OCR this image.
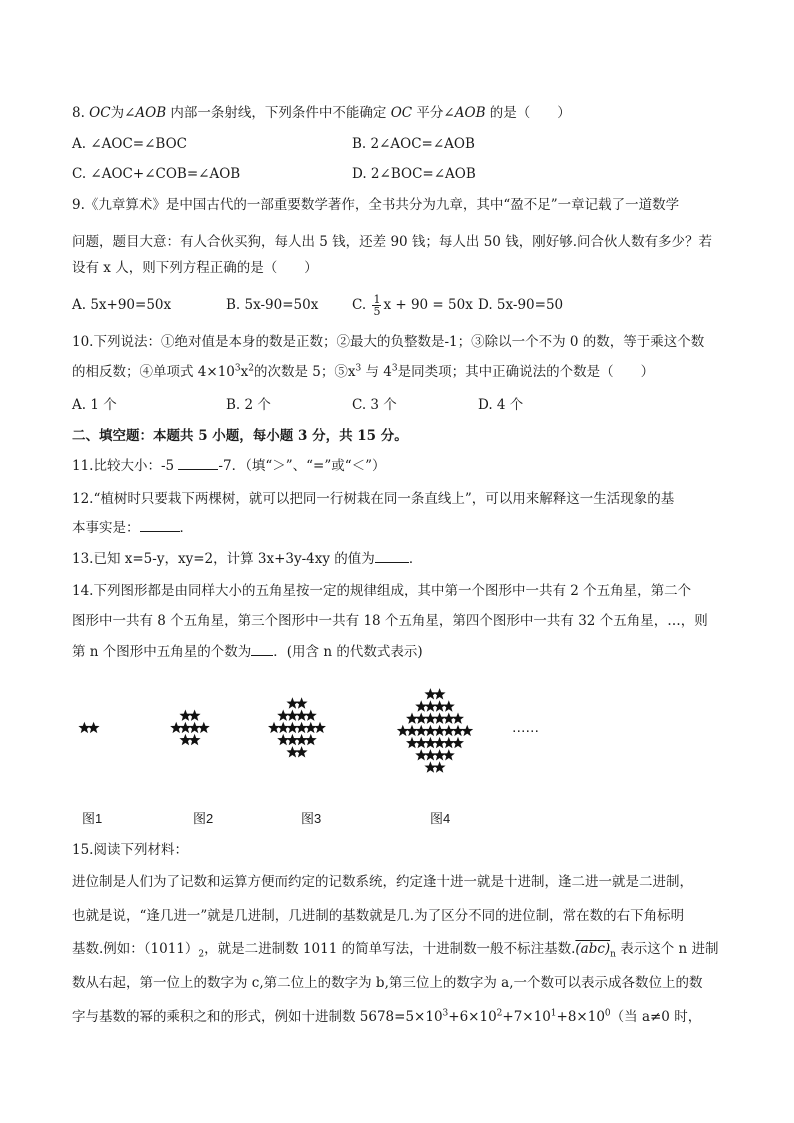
8. OC为∠AOB 内部一条射线，下列条件中不能确定 OC 平分∠AOB 的是（　　）
A. ∠AOC=∠BOC	B. 2∠AOC=∠AOB
C. ∠AOC+∠COB=∠AOB	D. 2∠BOC=∠AOB
9.《九章算术》是中国古代的一部重要数学著作，全书共分为九章，其中“盈不足”一章记载了一道数学
问题，题目大意：有人合伙买狗，每人出 5 钱，还差 90 钱；每人出 50 钱，刚好够.问合伙人数有多少？若
设有 x 人，则下列方程正确的是（　　）
A. 5x+90=50x	B. 5x-90=50x C. $\frac{1}{5}$ x + 90 = 50x D. 5x-90=50
10.下列说法：①绝对值是本身的数是正数；②最大的负整数是-1；③除以一个不为 0 的数，等于乘这个数
的相反数；④单项式 $4\times 10^3x^2$的次数是 5；$⑤x^3$ 与 $4^3$是同类项；其中正确说法的个数是（　　）
A. 1 个	B. 2 个	C. 3 个	D. 4 个
二、填空题：本题共 5 小题，每小题 3 分，共 15 分。
11.比较大小：-5	-7．（填“＞”、“=”或“＜”）
12.“植树时只要栽下两棵树，就可以把同一行树栽在同一条直线上”，可以用来解释这一生活现象的基
本事实是：	．
13.已知 x=5-y，xy=2，计算 3x+3y-4xy 的值为	．
14.下列图形都是由同样大小的五角星按一定的规律组成，其中第一个图形中一共有 2 个五角星，第二个
图形中一共有 8 个五角星，第三个图形中一共有 18 个五角星，第四个图形中一共有 32 个五角星，…，则
第 n 个图形中五角星的个数为 ．(用含 n 的代数式表示)
……
图1	图2	图3	图4
15.阅读下列材料：
进位制是人们为了记数和运算方便而约定的记数系统，约定逢十进一就是十进制，逢二进一就是二进制，
也就是说，“逢几进一”就是几进制，几进制的基数就是几.为了区分不同的进位制，常在数的右下角标明
基数.例如：$(1011)_2$，就是二进制数 1011 的简单写法，十进制数一般不标注基数$.(abc)_n$ 表示这个 n 进制
数从右起，第一位上的数字为 c,第二位上的数字为 b,第三位上的数字为 a,一个数可以表示成各数位上的数
字与基数的幂的乘积之和的形式，例如十进制数 $5678=5\times 10^3+6\times 10^2+7\times 10^1+8\times 10^0$（当 a≠0 时，
